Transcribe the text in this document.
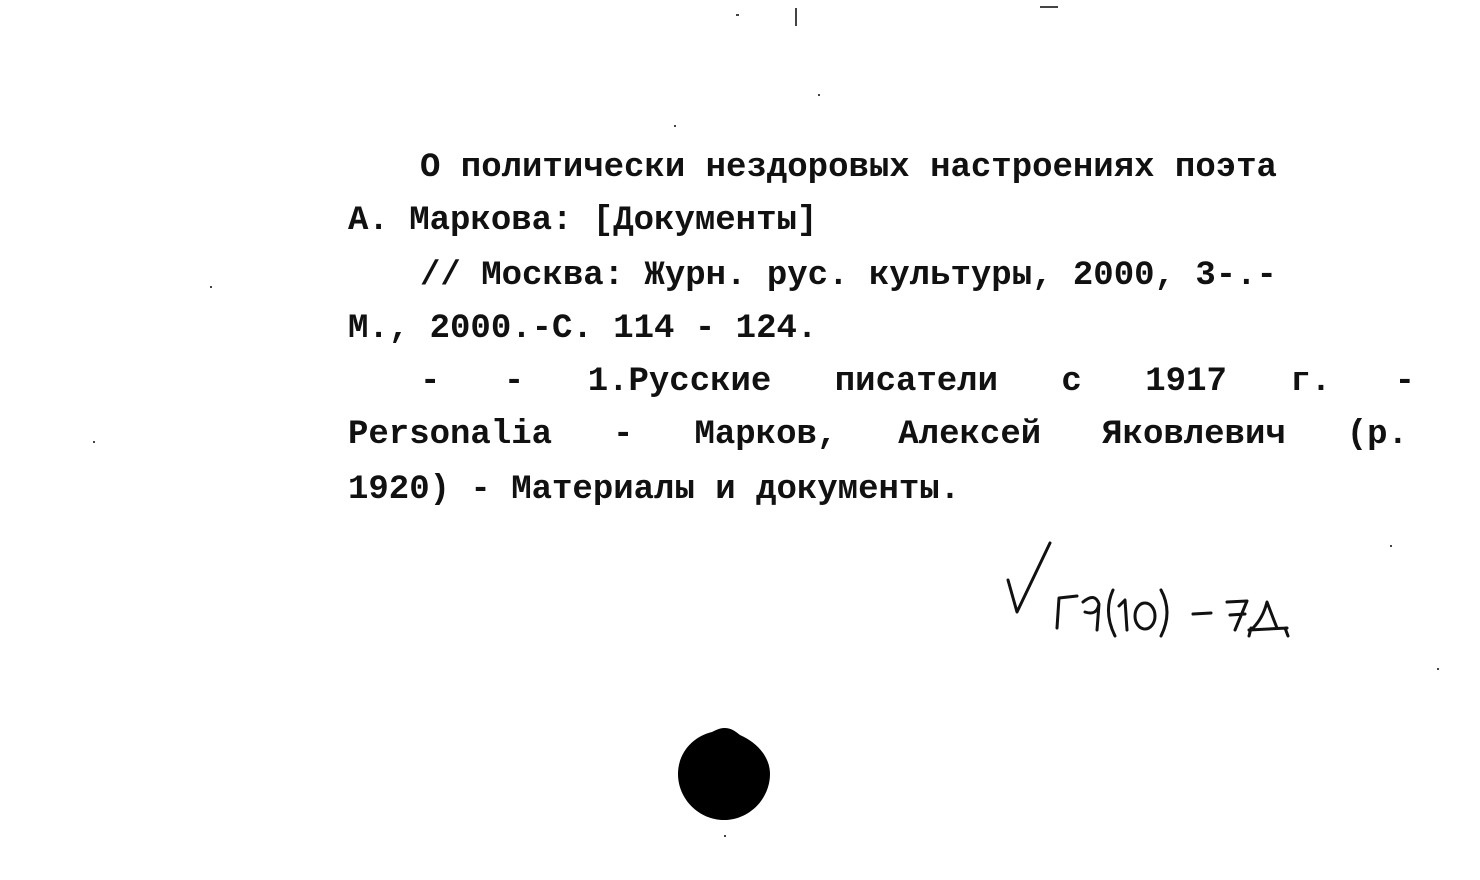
О политически нездоровых настроениях поэта
А. Маркова: [Документы]
// Москва: Журн. рус. культуры, 2000, 3-.-
М., 2000.-С. 114 - 124.
- - 1.Русские писатели с 1917 г. -
Personalia - Марков, Алексей Яковлевич (р.
1920) - Материалы и документы.
